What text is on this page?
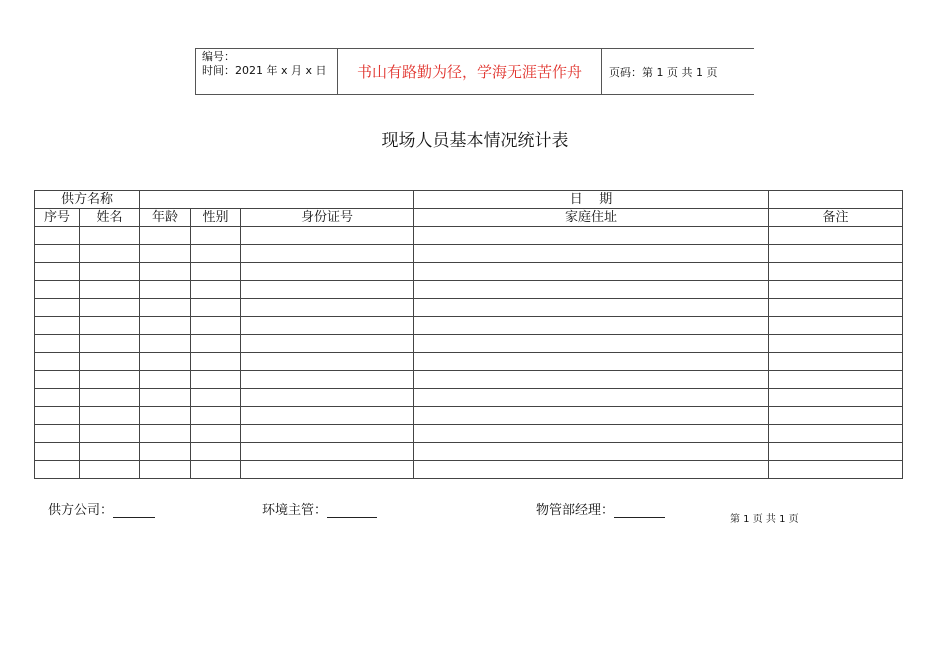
编号：
时间：2021 年 x 月 x 日	书山有路勤为径，学海无涯苦作舟	页码：第 1 页 共 1 页
现场人员基本情况统计表
供方名称					日    期	
序号	姓名	年龄	性别	身份证号	家庭住址	备注

供方公司：	环境主管：	物管部经理：
第 1 页 共 1 页
